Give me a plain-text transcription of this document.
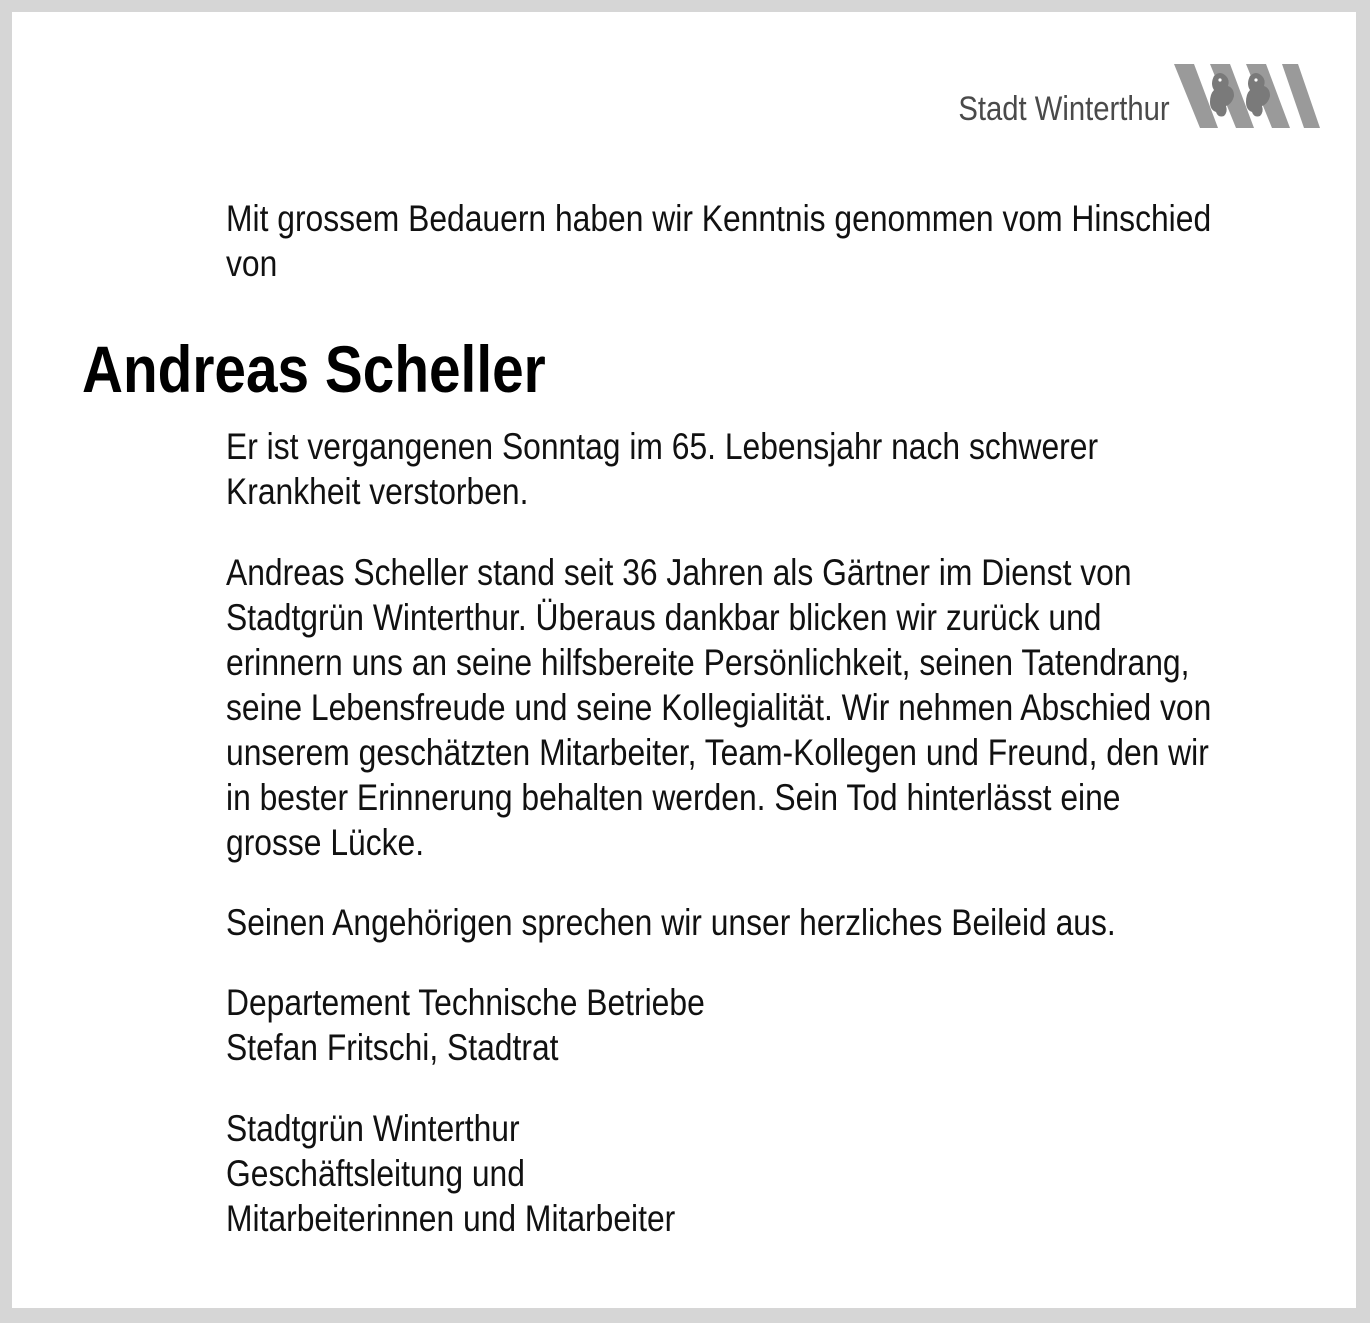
Stadt Winterthur
Mit grossem Bedauern haben wir Kenntnis genommen vom Hinschied
von
Andreas Scheller
Er ist vergangenen Sonntag im 65. Lebensjahr nach schwerer
Krankheit verstorben.
Andreas Scheller stand seit 36 Jahren als Gärtner im Dienst von
Stadtgrün Winterthur. Überaus dankbar blicken wir zurück und
erinnern uns an seine hilfsbereite Persönlichkeit, seinen Tatendrang,
seine Lebensfreude und seine Kollegialität. Wir nehmen Abschied von
unserem geschätzten Mitarbeiter, Team-Kollegen und Freund, den wir
in bester Erinnerung behalten werden. Sein Tod hinterlässt eine
grosse Lücke.
Seinen Angehörigen sprechen wir unser herzliches Beileid aus.
Departement Technische Betriebe
Stefan Fritschi, Stadtrat
Stadtgrün Winterthur
Geschäftsleitung und
Mitarbeiterinnen und Mitarbeiter
